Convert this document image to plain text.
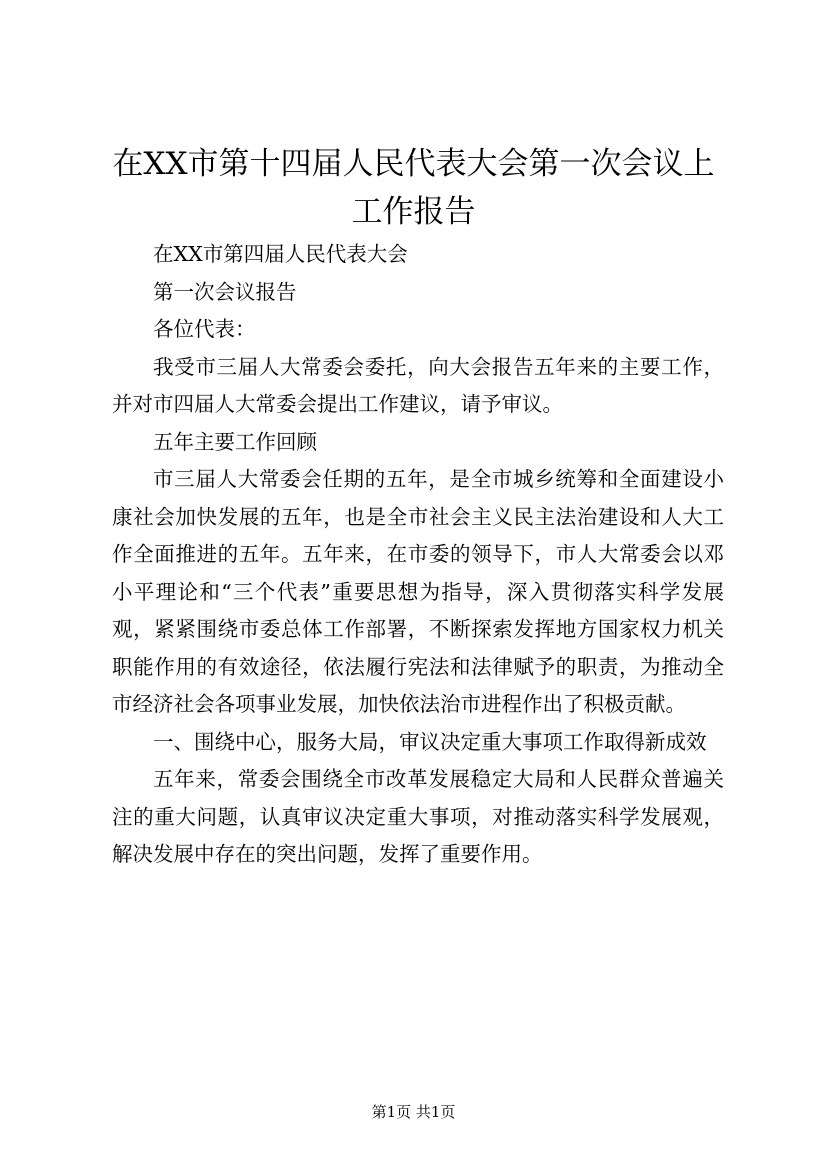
在XX市第十四届人民代表大会第一次会议上
工作报告

在XX市第四届人民代表大会

第一次会议报告

各位代表：

我受市三届人大常委会委托，向大会报告五年来的主要工作，并对市四届人大常委会提出工作建议，请予审议。

五年主要工作回顾

市三届人大常委会任期的五年，是全市城乡统筹和全面建设小康社会加快发展的五年，也是全市社会主义民主法治建设和人大工作全面推进的五年。五年来，在市委的领导下，市人大常委会以邓小平理论和“三个代表”重要思想为指导，深入贯彻落实科学发展观，紧紧围绕市委总体工作部署，不断探索发挥地方国家权力机关职能作用的有效途径，依法履行宪法和法律赋予的职责，为推动全市经济社会各项事业发展，加快依法治市进程作出了积极贡献。

一、围绕中心，服务大局，审议决定重大事项工作取得新成效

五年来，常委会围绕全市改革发展稳定大局和人民群众普遍关注的重大问题，认真审议决定重大事项，对推动落实科学发展观，解决发展中存在的突出问题，发挥了重要作用。

第1页 共1页
